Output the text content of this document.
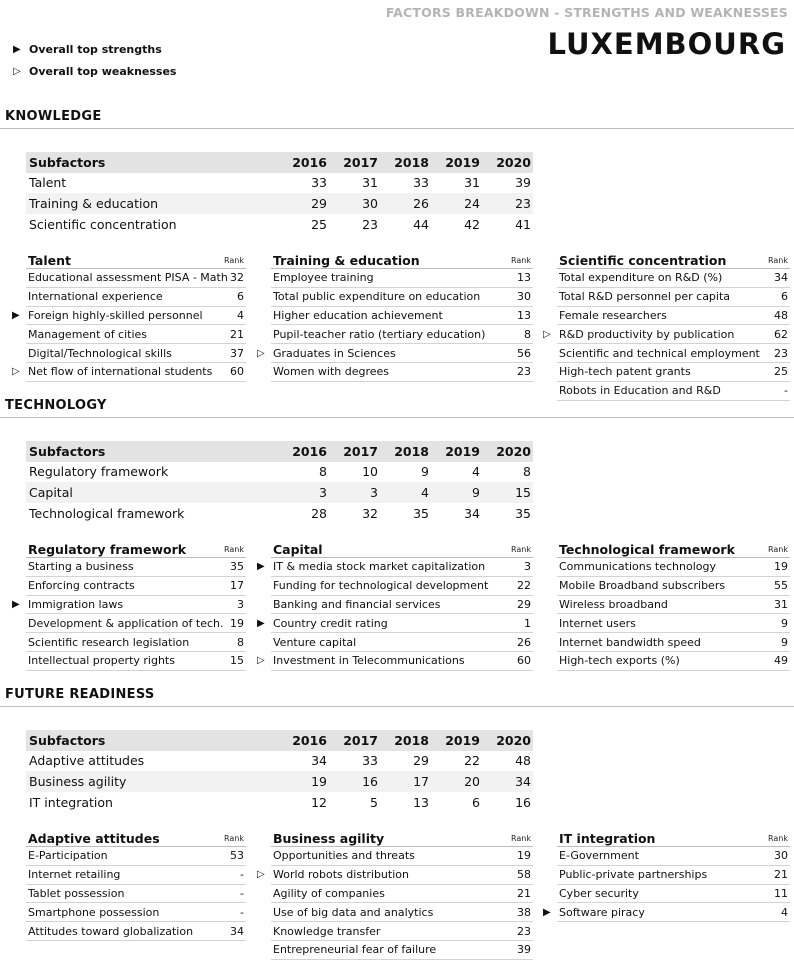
FACTORS BREAKDOWN - STRENGTHS AND WEAKNESSES
LUXEMBOURG
▶ Overall top strengths
▷ Overall top weaknesses
KNOWLEDGE
Subfactors	2016	2017	2018	2019	2020
Talent	33	31	33	31	39
Training & education	29	30	26	24	23
Scientific concentration	25	23	44	42	41
Talent	Rank
Educational assessment PISA - Math 32
International experience	6
▶ Foreign highly-skilled personnel	4
Management of cities	21
Digital/Technological skills	37
▷ Net flow of international students 60
Training & education	Rank
Employee training	13
Total public expenditure on education	30
Higher education achievement	13
Pupil-teacher ratio (tertiary education)	8
▷ Graduates in Sciences	56
Women with degrees	23
Scientific concentration	Rank
Total expenditure on R&D (%)	34
Total R&D personnel per capita	6
Female researchers	48
▷ R&D productivity by publication	62
Scientific and technical employment 23
High-tech patent grants	25
Robots in Education and R&D	-
TECHNOLOGY
Subfactors	2016	2017	2018	2019	2020
Regulatory framework	8	10	9	4	8
Capital	3	3	4	9	15
Technological framework	28	32	35	34	35
Regulatory framework	Rank
Starting a business	35
Enforcing contracts	17
▶ Immigration laws	3
Development & application of tech. 19
Scientific research legislation	8
Intellectual property rights	15
Capital	Rank
▶ IT & media stock market capitalization	3
Funding for technological development	22
Banking and financial services	29
▶ Country credit rating	1
Venture capital	26
▷ Investment in Telecommunications	60
Technological framework	Rank
Communications technology	19
Mobile Broadband subscribers	55
Wireless broadband	31
Internet users	9
Internet bandwidth speed	9
High-tech exports (%)	49
FUTURE READINESS
Subfactors	2016	2017	2018	2019	2020
Adaptive attitudes	34	33	29	22	48
Business agility	19	16	17	20	34
IT integration	12	5	13	6	16
Adaptive attitudes	Rank
E-Participation	53
Internet retailing	-
Tablet possession	-
Smartphone possession	-
Attitudes toward globalization	34
Business agility	Rank
Opportunities and threats	19
▷ World robots distribution	58
Agility of companies	21
Use of big data and analytics	38
Knowledge transfer	23
Entrepreneurial fear of failure	39
IT integration	Rank
E-Government	30
Public-private partnerships	21
Cyber security	11
▶ Software piracy	4
